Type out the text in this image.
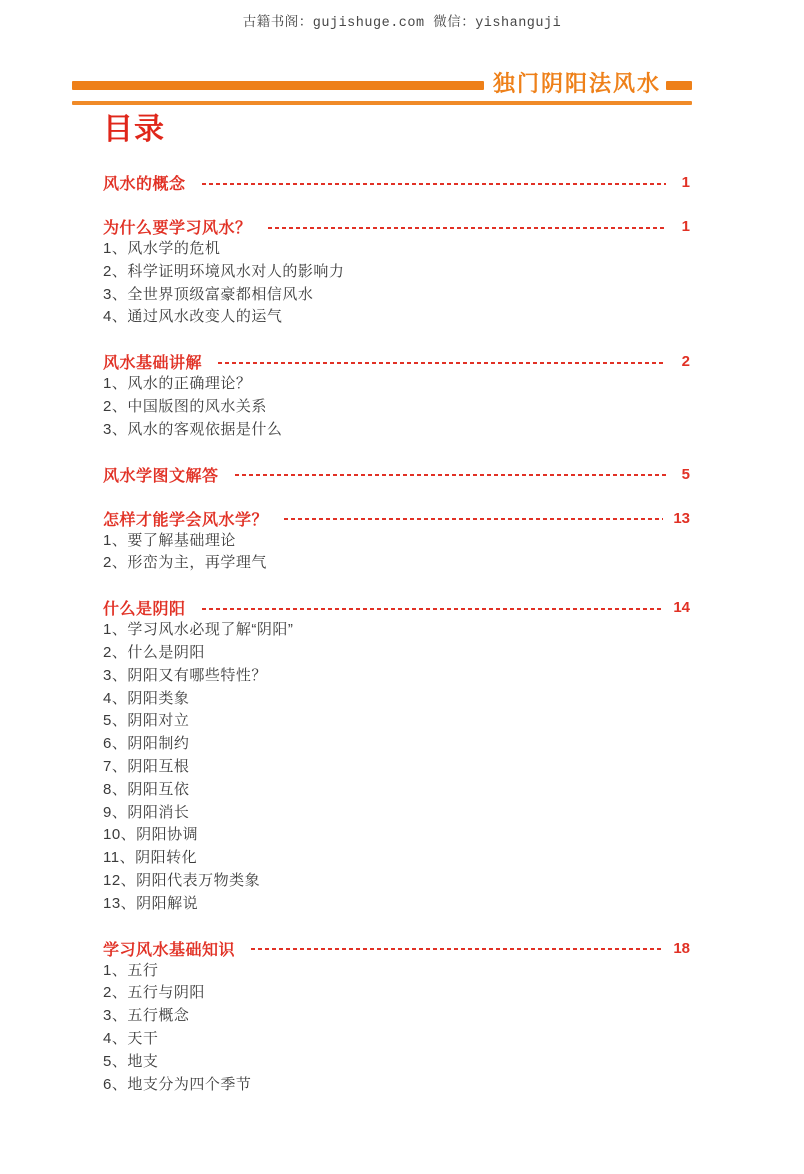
古籍书阁：gujishuge.com 微信：yishanguji
独门阴阳法风水
目录
风水的概念	1
为什么要学习风水？	1
1、风水学的危机
2、科学证明环境风水对人的影响力
3、全世界顶级富豪都相信风水
4、通过风水改变人的运气
风水基础讲解	2
1、风水的正确理论？
2、中国版图的风水关系
3、风水的客观依据是什么
风水学图文解答	5
怎样才能学会风水学？	13
1、要了解基础理论
2、形峦为主，再学理气
什么是阴阳	14
1、学习风水必现了解“阴阳”
2、什么是阴阳
3、阴阳又有哪些特性？
4、阴阳类象
5、阴阳对立
6、阴阳制约
7、阴阳互根
8、阴阳互依
9、阴阳消长
10、阴阳协调
11、阴阳转化
12、阴阳代表万物类象
13、阴阳解说
学习风水基础知识	18
1、五行
2、五行与阴阳
3、五行概念
4、天干
5、地支
6、地支分为四个季节
